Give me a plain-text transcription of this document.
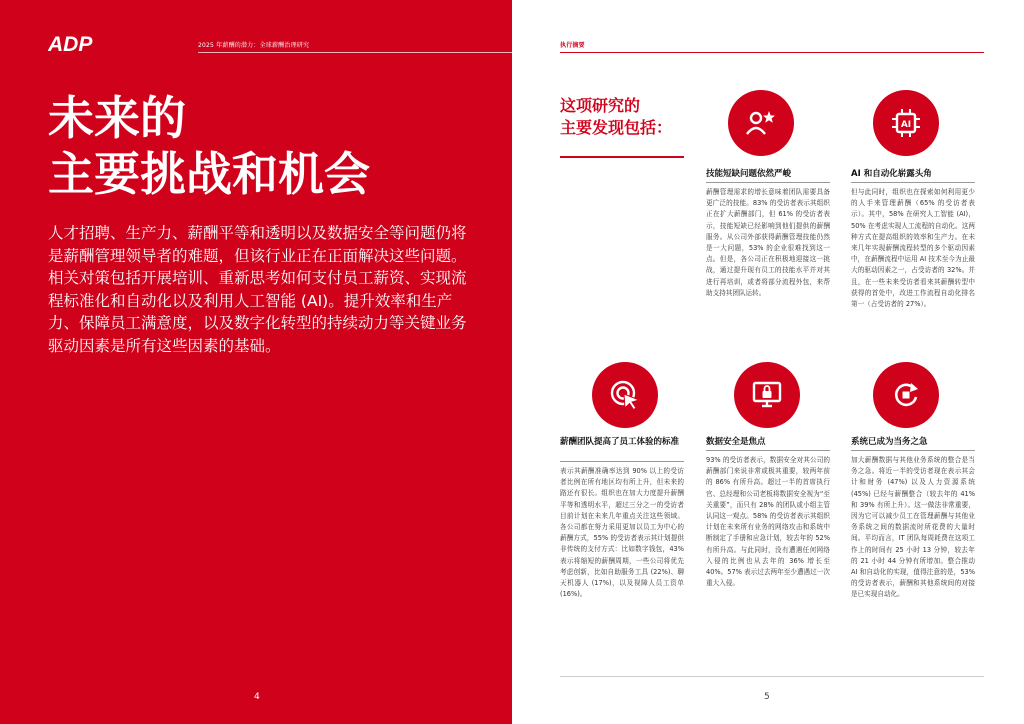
ADP	2025 年薪酬的潜力：全球薪酬治理研究
未来的
主要挑战和机会

人才招聘、生产力、薪酬平等和透明以及数据安全等问题仍将是薪酬管理领导者的难题，但该行业正在正面解决这些问题。相关对策包括开展培训、重新思考如何支付员工薪资、实现流程标准化和自动化以及利用人工智能 (AI)。提升效率和生产力、保障员工满意度，以及数字化转型的持续动力等关键业务驱动因素是所有这些因素的基础。

4
执行摘要
这项研究的
主要发现包括：
技能短缺问题依然严峻

薪酬管理需求的增长意味着团队需要具备更广泛的技能。83% 的受访者表示其组织正在扩大薪酬部门，但 61% 的受访者表示，技能短缺已经影响到他们提供的薪酬服务。从公司外部获得薪酬管理技能仍然是一大问题，53% 的企业很难找到这一点。但是，各公司正在积极地迎接这一挑战，通过提升现有员工的技能水平并对其进行再培训，或者将部分流程外包，来帮助支持其团队运转。

AI
AI 和自动化崭露头角

但与此同时，组织也在探索如何利用更少的人手来管理薪酬（65% 的受访者表示）。其中，58% 在研究人工智能 (AI)，50% 在考虑实现人工流程的自动化。这两种方式在提高组织的效率和生产力。在未来几年实现薪酬流程转型的多个驱动因素中，在薪酬流程中运用 AI 技术至今为止最大的驱动因素之一，占受访者的 32%。并且，在一些未来受访者看来其薪酬转型中获得的首处中，改进工作流程自动化排名第一（占受访者的 27%）。

薪酬团队提高了员工体验的标准

表示其薪酬准确率达到 90% 以上的受访者比例在所有地区均有所上升，但未来的路还有很长。组织也在加大力度提升薪酬平等和透明水平，超过三分之一的受访者目前计划在未来几年重点关注这些领域。各公司都在努力采用更加以员工为中心的薪酬方式，55% 的受访者表示其计划提供非传统的支付方式：比如数字钱包，43% 表示将缩短的薪酬周期，一些公司将优先考虑创新，比如自助服务工具 (22%)、聊天机器人 (17%)，以及视障人员工资单 (16%)。

数据安全是焦点

93% 的受访者表示，数据安全对其公司的薪酬部门来说非常或极其重要，较两年前的 86% 有所升高。超过一半的首席执行官、总经理和公司老板将数据安全视为“至关重要”，而只有 28% 的团队或小组主管认同这一观点。58% 的受访者表示其组织计划在未来所有业务的网络攻击和系统中断制定了手册和应急计划，较去年的 52% 有所升高。与此同时，没有遭遇任何网络入侵的比例也从去年的 36% 增长至 40%。57% 表示过去两年至少遭遇过一次重大入侵。

系统已成为当务之急

加大薪酬数据与其他业务系统的整合是当务之急。将近一半的受访者现在表示其会计和财务 (47%) 以及人力资源系统 (45%) 已经与薪酬整合（较去年的 41% 和 39% 有所上升）。这一做法非常重要，因为它可以减少员工在管理薪酬与其他业务系统之间的数据流时所花费的大量时间。平均而言，IT 团队每周耗费在这项工作上的时间有 25 小时 13 分钟，较去年的 21 小时 44 分钟有所增加。整合推动 AI 和自动化的实现，值得注意的是，53% 的受访者表示，薪酬和其他系统间的对接是已实现自动化。

5
